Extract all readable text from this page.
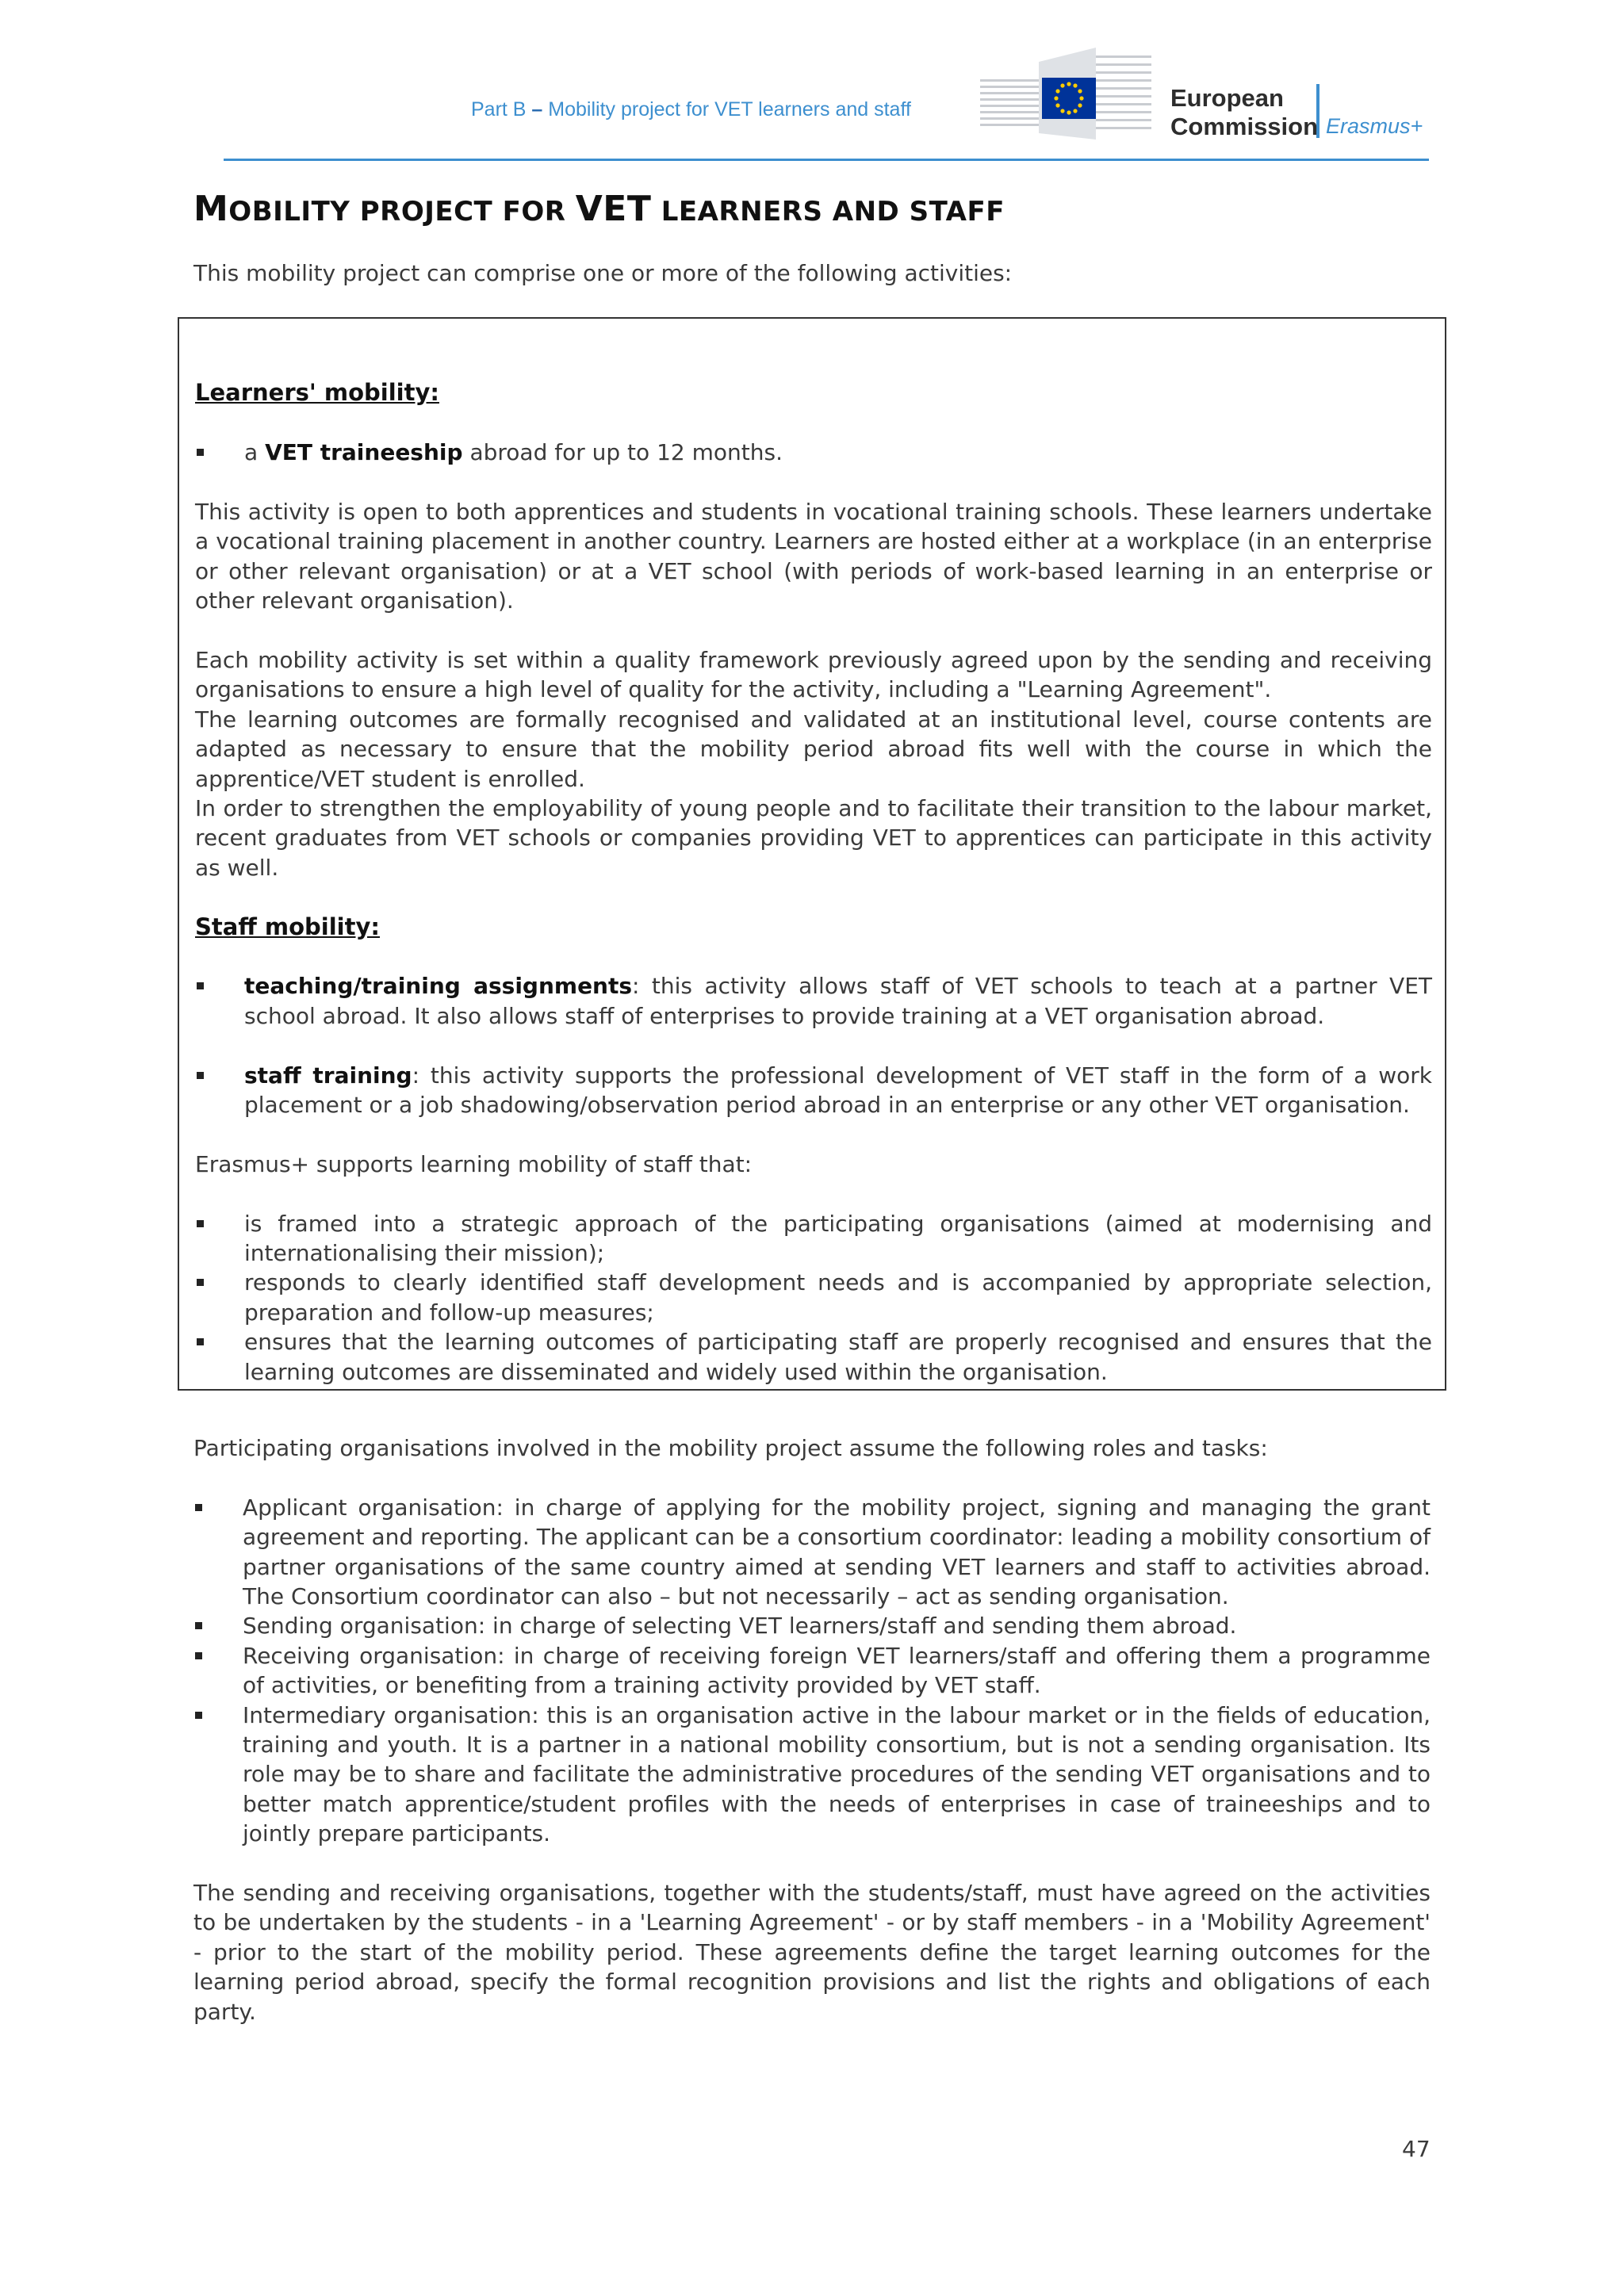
Part B – Mobility project for VET learners and staff	European
Commission Erasmus+
MOBILITY PROJECT FOR VET LEARNERS AND STAFF

This mobility project can comprise one or more of the following activities:

Learners' mobility:

a VET traineeship abroad for up to 12 months.

This activity is open to both apprentices and students in vocational training schools. These learners undertake a vocational training placement in another country. Learners are hosted either at a workplace (in an enterprise or other relevant organisation) or at a VET school (with periods of work-based learning in an enterprise or other relevant organisation).

Each mobility activity is set within a quality framework previously agreed upon by the sending and receiving organisations to ensure a high level of quality for the activity, including a "Learning Agreement".

The learning outcomes are formally recognised and validated at an institutional level, course contents are adapted as necessary to ensure that the mobility period abroad fits well with the course in which the apprentice/VET student is enrolled.

In order to strengthen the employability of young people and to facilitate their transition to the labour market, recent graduates from VET schools or companies providing VET to apprentices can participate in this activity as well.

Staff mobility:

teaching/training assignments: this activity allows staff of VET schools to teach at a partner VET school abroad. It also allows staff of enterprises to provide training at a VET organisation abroad.
staff training: this activity supports the professional development of VET staff in the form of a work placement or a job shadowing/observation period abroad in an enterprise or any other VET organisation.

Erasmus+ supports learning mobility of staff that:

is framed into a strategic approach of the participating organisations (aimed at modernising and internationalising their mission);
responds to clearly identified staff development needs and is accompanied by appropriate selection, preparation and follow-up measures;
ensures that the learning outcomes of participating staff are properly recognised and ensures that the learning outcomes are disseminated and widely used within the organisation.

Participating organisations involved in the mobility project assume the following roles and tasks:

Applicant organisation: in charge of applying for the mobility project, signing and managing the grant agreement and reporting. The applicant can be a consortium coordinator: leading a mobility consortium of partner organisations of the same country aimed at sending VET learners and staff to activities abroad. The Consortium coordinator can also – but not necessarily – act as sending organisation.
Sending organisation: in charge of selecting VET learners/staff and sending them abroad.
Receiving organisation: in charge of receiving foreign VET learners/staff and offering them a programme of activities, or benefiting from a training activity provided by VET staff.
Intermediary organisation: this is an organisation active in the labour market or in the fields of education, training and youth. It is a partner in a national mobility consortium, but is not a sending organisation. Its role may be to share and facilitate the administrative procedures of the sending VET organisations and to better match apprentice/student profiles with the needs of enterprises in case of traineeships and to jointly prepare participants.

The sending and receiving organisations, together with the students/staff, must have agreed on the activities to be undertaken by the students - in a 'Learning Agreement' - or by staff members - in a 'Mobility Agreement' - prior to the start of the mobility period. These agreements define the target learning outcomes for the learning period abroad, specify the formal recognition provisions and list the rights and obligations of each party.

47
